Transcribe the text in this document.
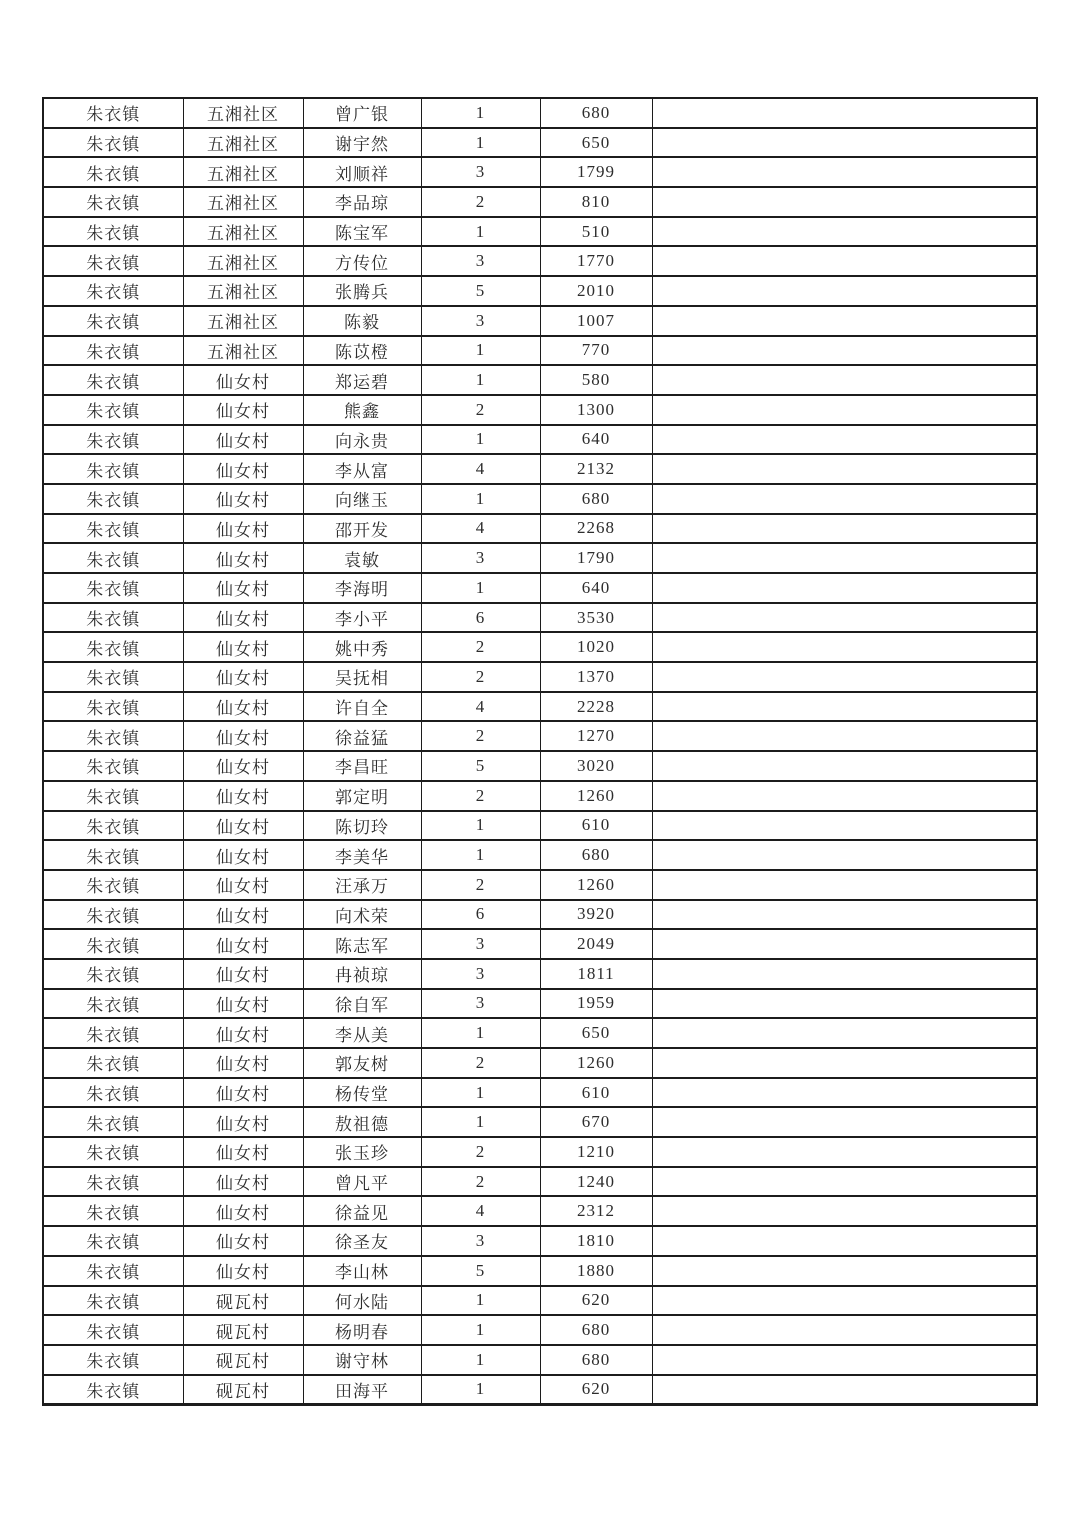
朱衣镇	五湘社区	曾广银	1	680	
朱衣镇	五湘社区	谢宇然	1	650	
朱衣镇	五湘社区	刘顺祥	3	1799	
朱衣镇	五湘社区	李品琼	2	810	
朱衣镇	五湘社区	陈宝军	1	510	
朱衣镇	五湘社区	方传位	3	1770	
朱衣镇	五湘社区	张腾兵	5	2010	
朱衣镇	五湘社区	陈毅	3	1007	
朱衣镇	五湘社区	陈苡橙	1	770	
朱衣镇	仙女村	郑运碧	1	580	
朱衣镇	仙女村	熊鑫	2	1300	
朱衣镇	仙女村	向永贵	1	640	
朱衣镇	仙女村	李从富	4	2132	
朱衣镇	仙女村	向继玉	1	680	
朱衣镇	仙女村	邵开发	4	2268	
朱衣镇	仙女村	袁敏	3	1790	
朱衣镇	仙女村	李海明	1	640	
朱衣镇	仙女村	李小平	6	3530	
朱衣镇	仙女村	姚中秀	2	1020	
朱衣镇	仙女村	吴抚相	2	1370	
朱衣镇	仙女村	许自全	4	2228	
朱衣镇	仙女村	徐益猛	2	1270	
朱衣镇	仙女村	李昌旺	5	3020	
朱衣镇	仙女村	郭定明	2	1260	
朱衣镇	仙女村	陈切玲	1	610	
朱衣镇	仙女村	李美华	1	680	
朱衣镇	仙女村	汪承万	2	1260	
朱衣镇	仙女村	向术荣	6	3920	
朱衣镇	仙女村	陈志军	3	2049	
朱衣镇	仙女村	冉祯琼	3	1811	
朱衣镇	仙女村	徐自军	3	1959	
朱衣镇	仙女村	李从美	1	650	
朱衣镇	仙女村	郭友树	2	1260	
朱衣镇	仙女村	杨传堂	1	610	
朱衣镇	仙女村	敖祖德	1	670	
朱衣镇	仙女村	张玉珍	2	1210	
朱衣镇	仙女村	曾凡平	2	1240	
朱衣镇	仙女村	徐益见	4	2312	
朱衣镇	仙女村	徐圣友	3	1810	
朱衣镇	仙女村	李山林	5	1880	
朱衣镇	砚瓦村	何水陆	1	620	
朱衣镇	砚瓦村	杨明春	1	680	
朱衣镇	砚瓦村	谢守林	1	680	
朱衣镇	砚瓦村	田海平	1	620	
